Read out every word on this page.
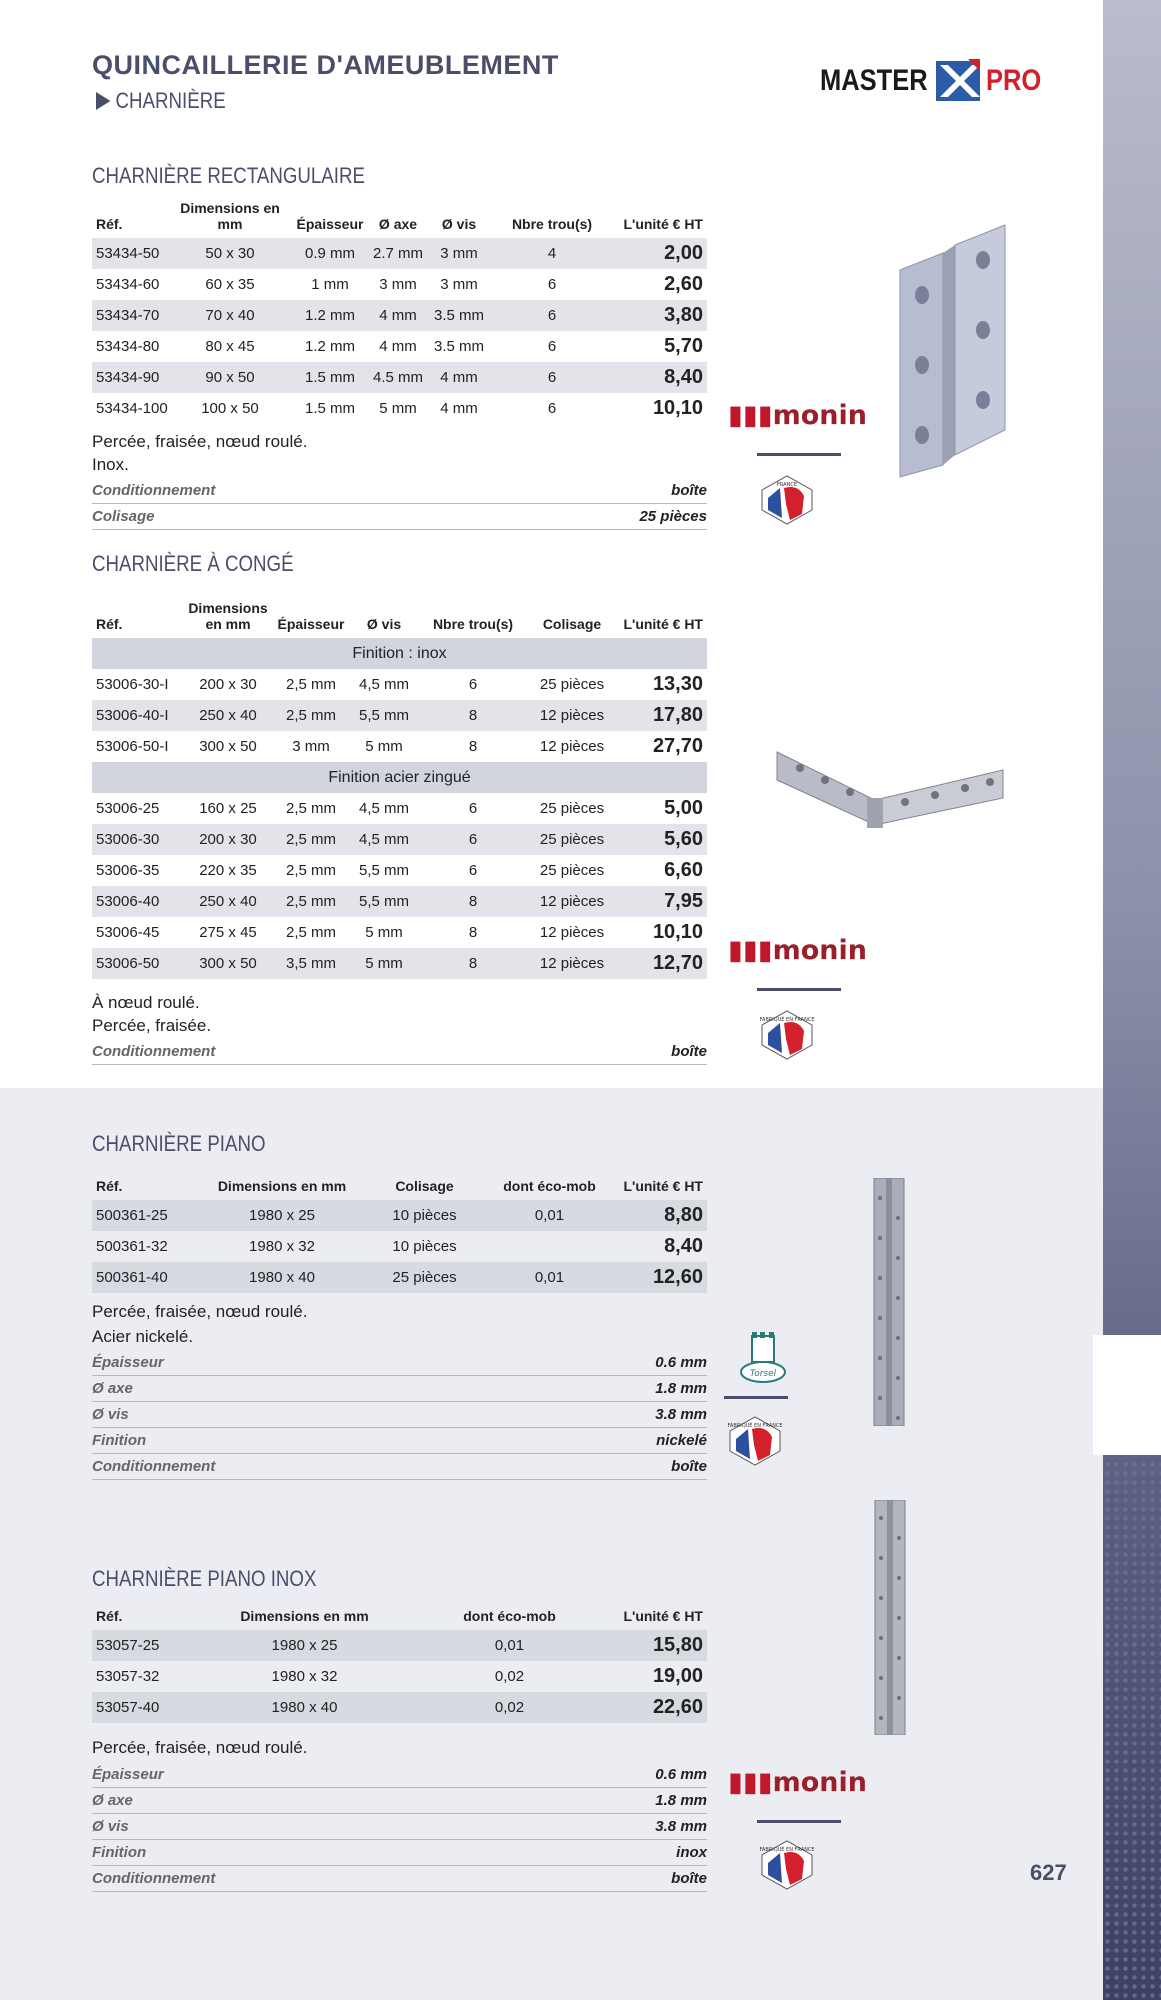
QUINCAILLERIE D'AMEUBLEMENT
CHARNIÈRE
MASTER PRO
CHARNIÈRE RECTANGULAIRE
Réf.	Dimensions en mm	Épaisseur	Ø axe	Ø vis	Nbre trou(s)	L'unité € HT
53434-50	50 x 30	0.9 mm	2.7 mm	3 mm	4	2,00
53434-60	60 x 35	1 mm	3 mm	3 mm	6	2,60
53434-70	70 x 40	1.2 mm	4 mm	3.5 mm	6	3,80
53434-80	80 x 45	1.2 mm	4 mm	3.5 mm	6	5,70
53434-90	90 x 50	1.5 mm	4.5 mm	4 mm	6	8,40
53434-100	100 x 50	1.5 mm	5 mm	4 mm	6	10,10
Percée, fraisée, nœud roulé.
Inox.
Conditionnement	boîte
Colisage	25 pièces
▮▮▮monin
FRANCE
CHARNIÈRE À CONGÉ
Réf.	Dimensions en mm	Épaisseur	Ø vis	Nbre trou(s)	Colisage	L'unité € HT
Finition : inox						
53006-30-I	200 x 30	2,5 mm	4,5 mm	6	25 pièces	13,30
53006-40-I	250 x 40	2,5 mm	5,5 mm	8	12 pièces	17,80
53006-50-I	300 x 50	3 mm	5 mm	8	12 pièces	27,70
Finition acier zingué						
53006-25	160 x 25	2,5 mm	4,5 mm	6	25 pièces	5,00
53006-30	200 x 30	2,5 mm	4,5 mm	6	25 pièces	5,60
53006-35	220 x 35	2,5 mm	5,5 mm	6	25 pièces	6,60
53006-40	250 x 40	2,5 mm	5,5 mm	8	12 pièces	7,95
53006-45	275 x 45	2,5 mm	5 mm	8	12 pièces	10,10
53006-50	300 x 50	3,5 mm	5 mm	8	12 pièces	12,70
À nœud roulé.
Percée, fraisée.
Conditionnement	boîte
▮▮▮monin
FABRIQUÉ EN FRANCE
CHARNIÈRE PIANO
Réf.	Dimensions en mm	Colisage	dont éco-mob	L'unité € HT
500361-25	1980 x 25	10 pièces	0,01	8,80
500361-32	1980 x 32	10 pièces		8,40
500361-40	1980 x 40	25 pièces	0,01	12,60
Percée, fraisée, nœud roulé.
Acier nickelé.
Épaisseur	0.6 mm
Ø axe	1.8 mm
Ø vis	3.8 mm
Finition	nickelé
Conditionnement	boîte
Torsel
FABRIQUÉ EN FRANCE
CHARNIÈRE PIANO INOX
Réf.	Dimensions en mm	dont éco-mob	L'unité € HT
53057-25	1980 x 25	0,01	15,80
53057-32	1980 x 32	0,02	19,00
53057-40	1980 x 40	0,02	22,60
Percée, fraisée, nœud roulé.
Épaisseur	0.6 mm
Ø axe	1.8 mm
Ø vis	3.8 mm
Finition	inox
Conditionnement	boîte
▮▮▮monin
FABRIQUÉ EN FRANCE
627
